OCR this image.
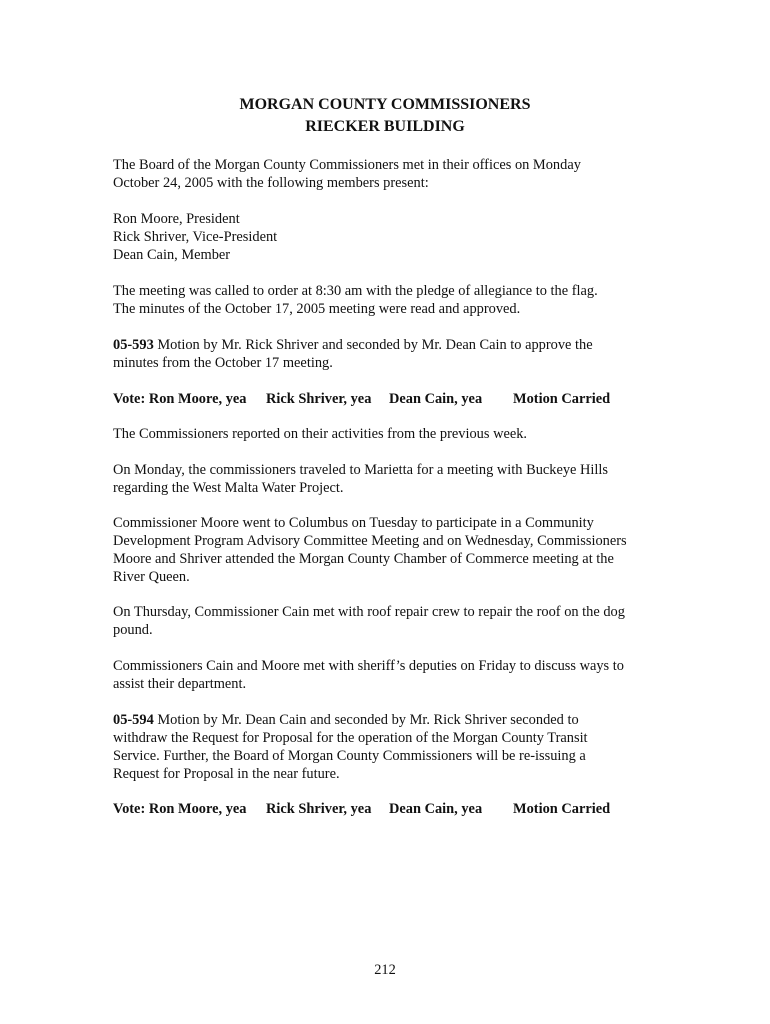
MORGAN COUNTY COMMISSIONERS
RIECKER BUILDING
The Board of the Morgan County Commissioners met in their offices on Monday
October 24, 2005 with the following members present:
Ron Moore, President
Rick Shriver, Vice-President
Dean Cain, Member
The meeting was called to order at 8:30 am with the pledge of allegiance to the flag.
The minutes of the October 17, 2005 meeting were read and approved.
05-593 Motion by Mr. Rick Shriver and seconded by Mr. Dean Cain to approve the
minutes from the October 17 meeting.
Vote: Ron Moore, yea Rick Shriver, yea Dean Cain, yea Motion Carried
The Commissioners reported on their activities from the previous week.
On Monday, the commissioners traveled to Marietta for a meeting with Buckeye Hills
regarding the West Malta Water Project.
Commissioner Moore went to Columbus on Tuesday to participate in a Community
Development Program Advisory Committee Meeting and on Wednesday, Commissioners
Moore and Shriver attended the Morgan County Chamber of Commerce meeting at the
River Queen.
On Thursday, Commissioner Cain met with roof repair crew to repair the roof on the dog
pound.
Commissioners Cain and Moore met with sheriff’s deputies on Friday to discuss ways to
assist their department.
05-594 Motion by Mr. Dean Cain and seconded by Mr. Rick Shriver seconded to
withdraw the Request for Proposal for the operation of the Morgan County Transit
Service. Further, the Board of Morgan County Commissioners will be re-issuing a
Request for Proposal in the near future.
Vote: Ron Moore, yea Rick Shriver, yea Dean Cain, yea Motion Carried
212
